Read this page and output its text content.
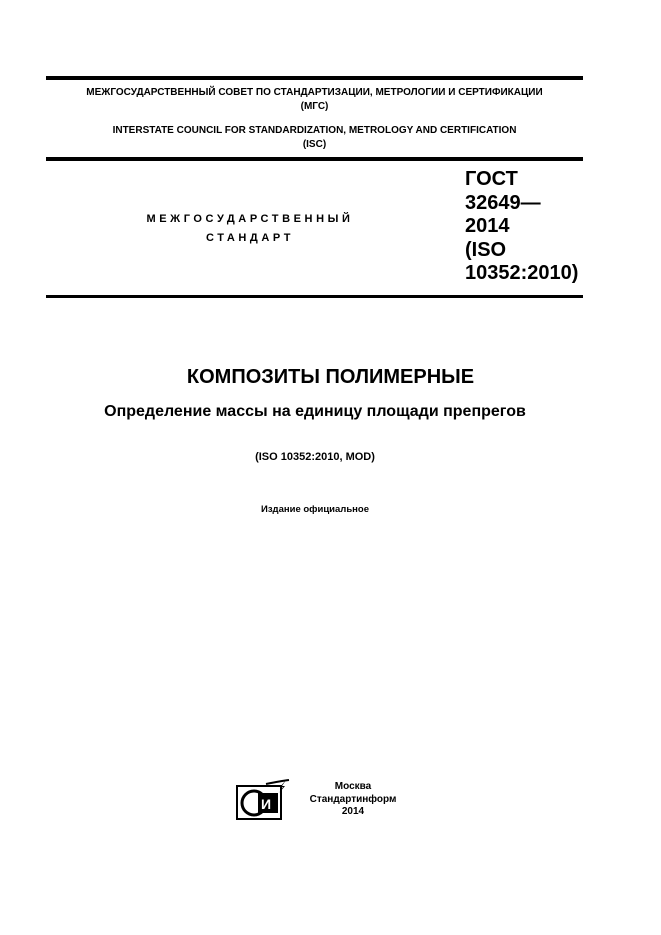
МЕЖГОСУДАРСТВЕННЫЙ СОВЕТ ПО СТАНДАРТИЗАЦИИ, МЕТРОЛОГИИ И СЕРТИФИКАЦИИ
(МГС)
INTERSTATE COUNCIL FOR STANDARDIZATION, METROLOGY AND CERTIFICATION
(ISC)
МЕЖГОСУДАРСТВЕННЫЙ
СТАНДАРТ
ГОСТ
32649—
2014
(ISO
10352:2010)
КОМПОЗИТЫ ПОЛИМЕРНЫЕ
Определение массы на единицу площади препрегов
(ISO 10352:2010, MOD)
Издание официальное
И
Москва
Стандартинформ
2014
